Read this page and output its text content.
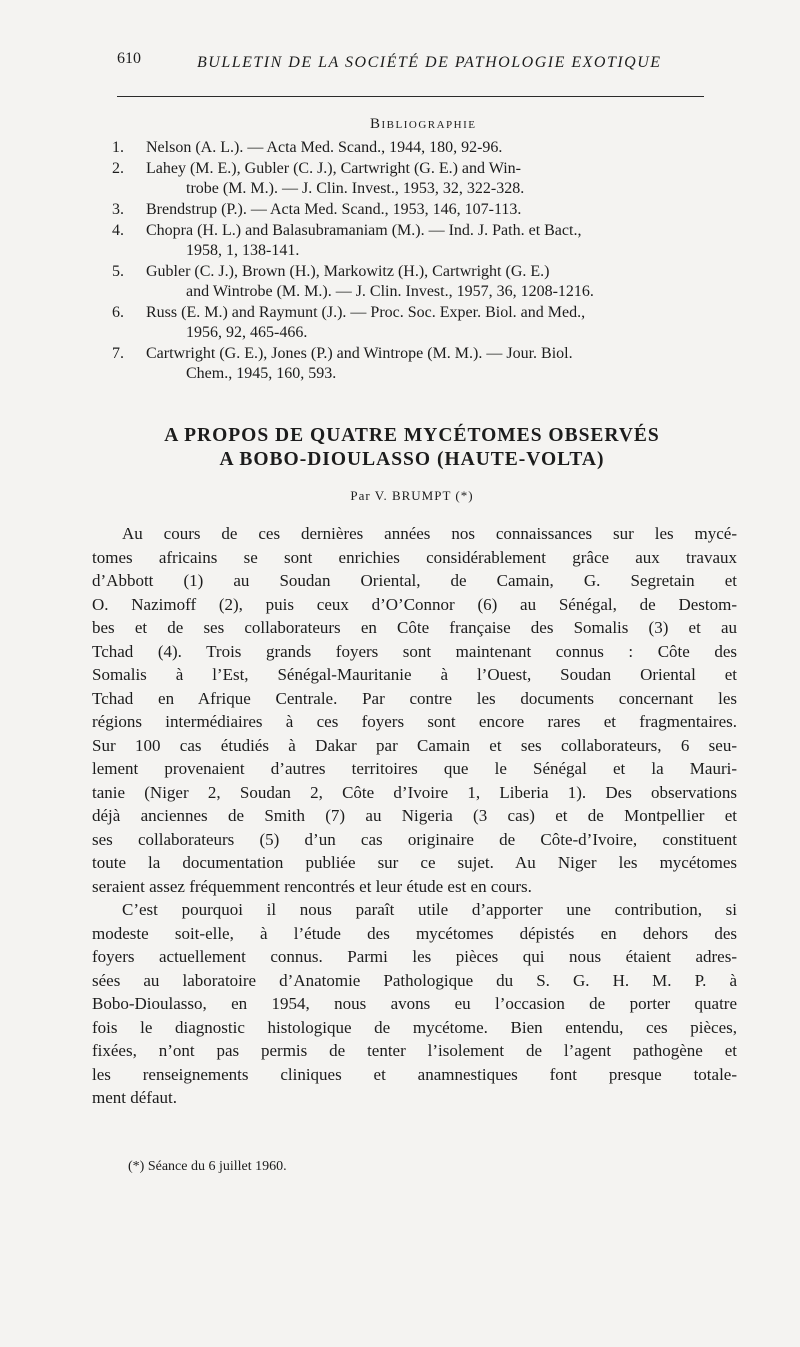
610	BULLETIN DE LA SOCIÉTÉ DE PATHOLOGIE EXOTIQUE
Bibliographie
1. Nelson (A. L.). — Acta Med. Scand., 1944, 180, 92-96.
2. Lahey (M. E.), Gubler (C. J.), Cartwright (G. E.) and Win-
trobe (M. M.). — J. Clin. Invest., 1953, 32, 322-328.
3. Brendstrup (P.). — Acta Med. Scand., 1953, 146, 107-113.
4. Chopra (H. L.) and Balasubramaniam (M.). — Ind. J. Path. et Bact.,
1958, 1, 138-141.
5. Gubler (C. J.), Brown (H.), Markowitz (H.), Cartwright (G. E.)
and Wintrobe (M. M.). — J. Clin. Invest., 1957, 36, 1208-1216.
6. Russ (E. M.) and Raymunt (J.). — Proc. Soc. Exper. Biol. and Med.,
1956, 92, 465-466.
7. Cartwright (G. E.), Jones (P.) and Wintrope (M. M.). — Jour. Biol.
Chem., 1945, 160, 593.
A PROPOS DE QUATRE MYCÉTOMES OBSERVÉS
A BOBO-DIOULASSO (HAUTE-VOLTA)
Par V. BRUMPT (*)
Au cours de ces dernières années nos connaissances sur les mycé-
tomes africains se sont enrichies considérablement grâce aux travaux
d’Abbott (1) au Soudan Oriental, de Camain, G. Segretain et
O. Nazimoff (2), puis ceux d’O’Connor (6) au Sénégal, de Destom-
bes et de ses collaborateurs en Côte française des Somalis (3) et au
Tchad (4). Trois grands foyers sont maintenant connus : Côte des
Somalis à l’Est, Sénégal-Mauritanie à l’Ouest, Soudan Oriental et
Tchad en Afrique Centrale. Par contre les documents concernant les
régions intermédiaires à ces foyers sont encore rares et fragmentaires.
Sur 100 cas étudiés à Dakar par Camain et ses collaborateurs, 6 seu-
lement provenaient d’autres territoires que le Sénégal et la Mauri-
tanie (Niger 2, Soudan 2, Côte d’Ivoire 1, Liberia 1). Des observations
déjà anciennes de Smith (7) au Nigeria (3 cas) et de Montpellier et
ses collaborateurs (5) d’un cas originaire de Côte-d’Ivoire, constituent
toute la documentation publiée sur ce sujet. Au Niger les mycétomes
seraient assez fréquemment rencontrés et leur étude est en cours.
C’est pourquoi il nous paraît utile d’apporter une contribution, si
modeste soit-elle, à l’étude des mycétomes dépistés en dehors des
foyers actuellement connus. Parmi les pièces qui nous étaient adres-
sées au laboratoire d’Anatomie Pathologique du S. G. H. M. P. à
Bobo-Dioulasso, en 1954, nous avons eu l’occasion de porter quatre
fois le diagnostic histologique de mycétome. Bien entendu, ces pièces,
fixées, n’ont pas permis de tenter l’isolement de l’agent pathogène et
les renseignements cliniques et anamnestiques font presque totale-
ment défaut.
(*) Séance du 6 juillet 1960.
